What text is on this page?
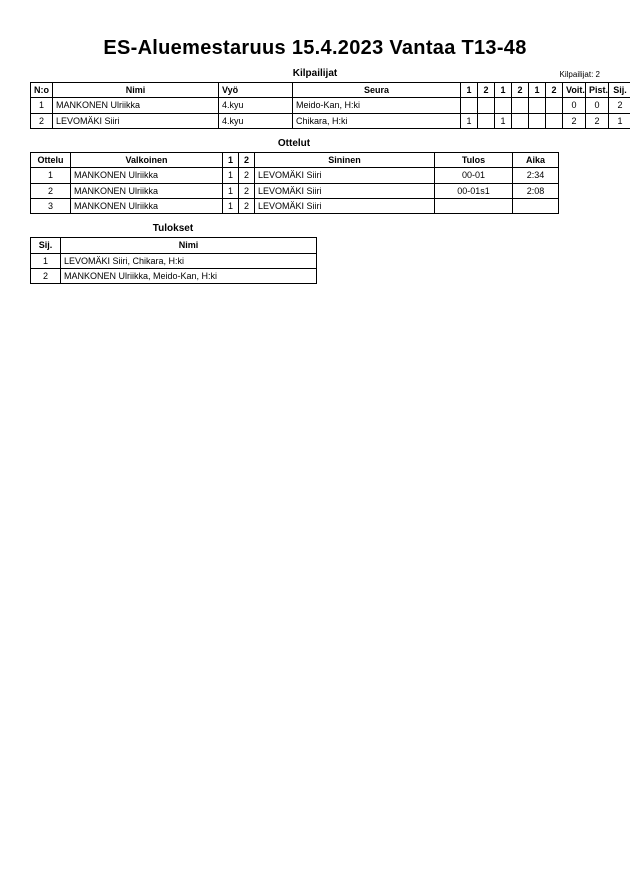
ES-Aluemestaruus 15.4.2023 Vantaa T13-48
Kilpailijat: 2
Kilpailijat
N:o	Nimi	Vyö	Seura	1	2	1	2	1	2	Voit.	Pist.	Sij.
1	MANKONEN Ulriikka	4.kyu	Meido-Kan, H:ki							0	0	2
2	LEVOMÄKI Siiri	4.kyu	Chikara, H:ki	1		1				2	2	1
Ottelut
Ottelu	Valkoinen	1	2	Sininen	Tulos	Aika
1	MANKONEN Ulriikka	1	2	LEVOMÄKI Siiri	00-01	2:34
2	MANKONEN Ulriikka	1	2	LEVOMÄKI Siiri	00-01s1	2:08
3	MANKONEN Ulriikka	1	2	LEVOMÄKI Siiri		
Tulokset
Sij.	Nimi
1	LEVOMÄKI Siiri, Chikara, H:ki
2	MANKONEN Ulriikka, Meido-Kan, H:ki
